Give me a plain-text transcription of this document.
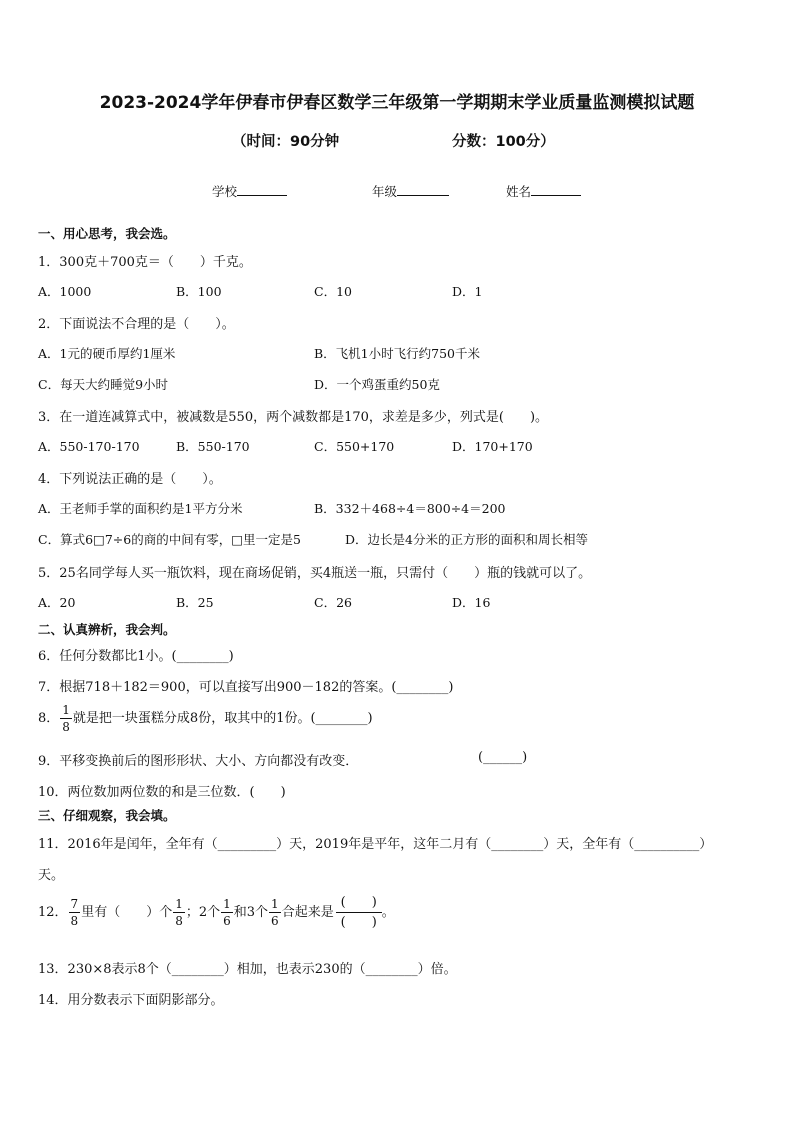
2023-2024学年伊春市伊春区数学三年级第一学期期末学业质量监测模拟试题
（时间：90分钟	分数：100分）
学校	年级	姓名
一、用心思考，我会选。
1．300克＋700克＝（　　）千克。
A．1000	B．100	C．10	D．1
2．下面说法不合理的是（　　）。
A．1元的硬币厚约1厘米	B．飞机1小时飞行约750千米
C．每天大约睡觉9小时	D．一个鸡蛋重约50克
3．在一道连减算式中，被减数是550，两个减数都是170，求差是多少，列式是(　　)。
A．550-170-170	B．550-170	C．550+170	D．170+170
4．下列说法正确的是（　　）。
A．王老师手掌的面积约是1平方分米	B．332＋468÷4＝800÷4＝200
C．算式6□7÷6的商的中间有零，□里一定是5	D．边长是4分米的正方形的面积和周长相等
5．25名同学每人买一瓶饮料，现在商场促销，买4瓶送一瓶，只需付（　　）瓶的钱就可以了。
A．20	B．25	C．26	D．16
二、认真辨析，我会判。
6．任何分数都比1小。(________)
7．根据718＋182＝900，可以直接写出900－182的答案。(________)
8． $\frac{1}{8}$ 就是把一块蛋糕分成8份，取其中的1份。(________)
9．平移变换前后的图形形状、大小、方向都没有改变．	(______)
10．两位数加两位数的和是三位数．(　　)
三、仔细观察，我会填。
11．2016年是闰年，全年有（_________）天，2019年是平年，这年二月有（________）天，全年有（__________）
天。
12． $\frac{7}{8}$ 里有（　　）个 $\frac{1}{8}$ ；2个 $\frac{1}{6}$ 和3个 $\frac{1}{6}$ 合起来是
(　　)
(　　)
。
13．230×8表示8个（________）相加，也表示230的（________）倍。
14．用分数表示下面阴影部分。
